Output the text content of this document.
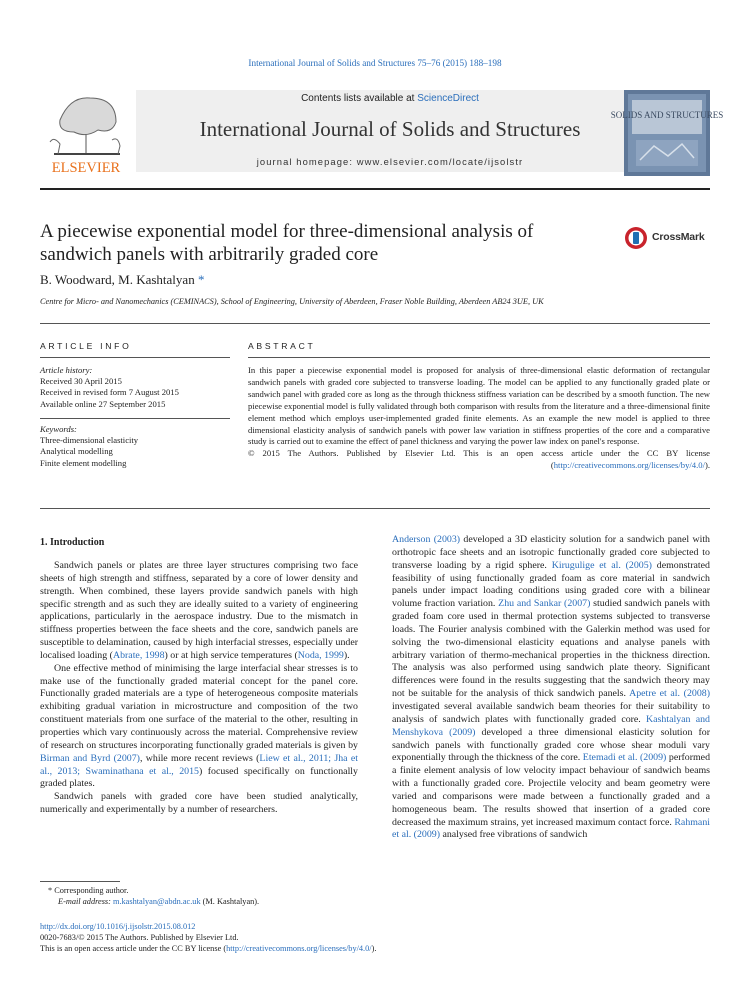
International Journal of Solids and Structures 75–76 (2015) 188–198
ELSEVIER
Contents lists available at ScienceDirect
International Journal of Solids and Structures
journal homepage: www.elsevier.com/locate/ijsolstr
SOLIDS AND STRUCTURES
A piecewise exponential model for three-dimensional analysis of sandwich panels with arbitrarily graded core
CrossMark
B. Woodward, M. Kashtalyan *
Centre for Micro- and Nanomechanics (CEMINACS), School of Engineering, University of Aberdeen, Fraser Noble Building, Aberdeen AB24 3UE, UK
ARTICLE INFO	ABSTRACT
Article history:
Received 30 April 2015
Received in revised form 7 August 2015
Available online 27 September 2015
Keywords:
Three-dimensional elasticity
Analytical modelling
Finite element modelling

In this paper a piecewise exponential model is proposed for analysis of three-dimensional elastic deformation of rectangular sandwich panels with graded core subjected to transverse loading. The model can be applied to any functionally graded plate or sandwich panel with graded core as long as the through thickness stiffness variation can be described by a smooth function. The new piecewise exponential model is fully validated through both comparison with results from the literature and a three-dimensional finite element method which employs user-implemented graded finite elements. As an example the new model is applied to three dimensional elasticity analysis of sandwich panels with power law variation in stiffness properties of the core and a comparative study is carried out to examine the effect of panel thickness and varying the power law index on panel's response.

© 2015 The Authors. Published by Elsevier Ltd. This is an open access article under the CC BY license (http://creativecommons.org/licenses/by/4.0/).

1. Introduction

Sandwich panels or plates are three layer structures comprising two face sheets of high strength and stiffness, separated by a core of lower density and strength. When combined, these layers provide sandwich panels with high specific strength and as such they are ideally suited to a variety of engineering applications, particularly in the aerospace industry. Due to the mismatch in stiffness properties between the face sheets and the core, sandwich panels are susceptible to delamination, caused by high interfacial stresses, especially under localised loading (Abrate, 1998) or at high service temperatures (Noda, 1999).

One effective method of minimising the large interfacial shear stresses is to make use of the functionally graded material concept for the panel core. Functionally graded materials are a type of heterogeneous composite materials exhibiting gradual variation in microstructure and composition of the two constituent materials from one surface of the material to the other, resulting in properties which vary continuously across the material. Comprehensive review of research on structures incorporating functionally graded materials is given by Birman and Byrd (2007), while more recent reviews (Liew et al., 2011; Jha et al., 2013; Swaminathana et al., 2015) focused specifically on functionally graded plates.

Sandwich panels with graded core have been studied analytically, numerically and experimentally by a number of researchers.

Anderson (2003) developed a 3D elasticity solution for a sandwich panel with orthotropic face sheets and an isotropic functionally graded core subjected to transverse loading by a rigid sphere. Kirugulige et al. (2005) demonstrated feasibility of using functionally graded foam as core material in sandwich panels under impact loading conditions using graded core with a bilinear volume fraction variation. Zhu and Sankar (2007) studied sandwich panels with graded foam core used in thermal protection systems subjected to transverse loads. The Fourier analysis combined with the Galerkin method was used for solving the two-dimensional elasticity equations and analyse panels with arbitrary variation of thermo-mechanical properties in the thickness direction. The analysis was also performed using sandwich plate theory. Significant differences were found in the results suggesting that the sandwich theory may not be suitable for the analysis of thick sandwich panels. Apetre et al. (2008) investigated several available sandwich beam theories for their suitability to analysis of sandwich plates with functionally graded core. Kashtalyan and Menshykova (2009) developed a three dimensional elasticity solution for sandwich panels with functionally graded core whose shear moduli vary exponentially through the thickness of the core. Etemadi et al. (2009) performed a finite element analysis of low velocity impact behaviour of sandwich beams with a functionally graded core. Projectile velocity and beam geometry were varied and comparisons were made between a functionally graded and a homogeneous beam. The results showed that insertion of a graded core decreased the maximum strains, yet increased maximum contact force. Rahmani et al. (2009) analysed free vibrations of sandwich

* Corresponding author.
E-mail address: m.kashtalyan@abdn.ac.uk (M. Kashtalyan).
http://dx.doi.org/10.1016/j.ijsolstr.2015.08.012
0020-7683/© 2015 The Authors. Published by Elsevier Ltd.
This is an open access article under the CC BY license (http://creativecommons.org/licenses/by/4.0/).
